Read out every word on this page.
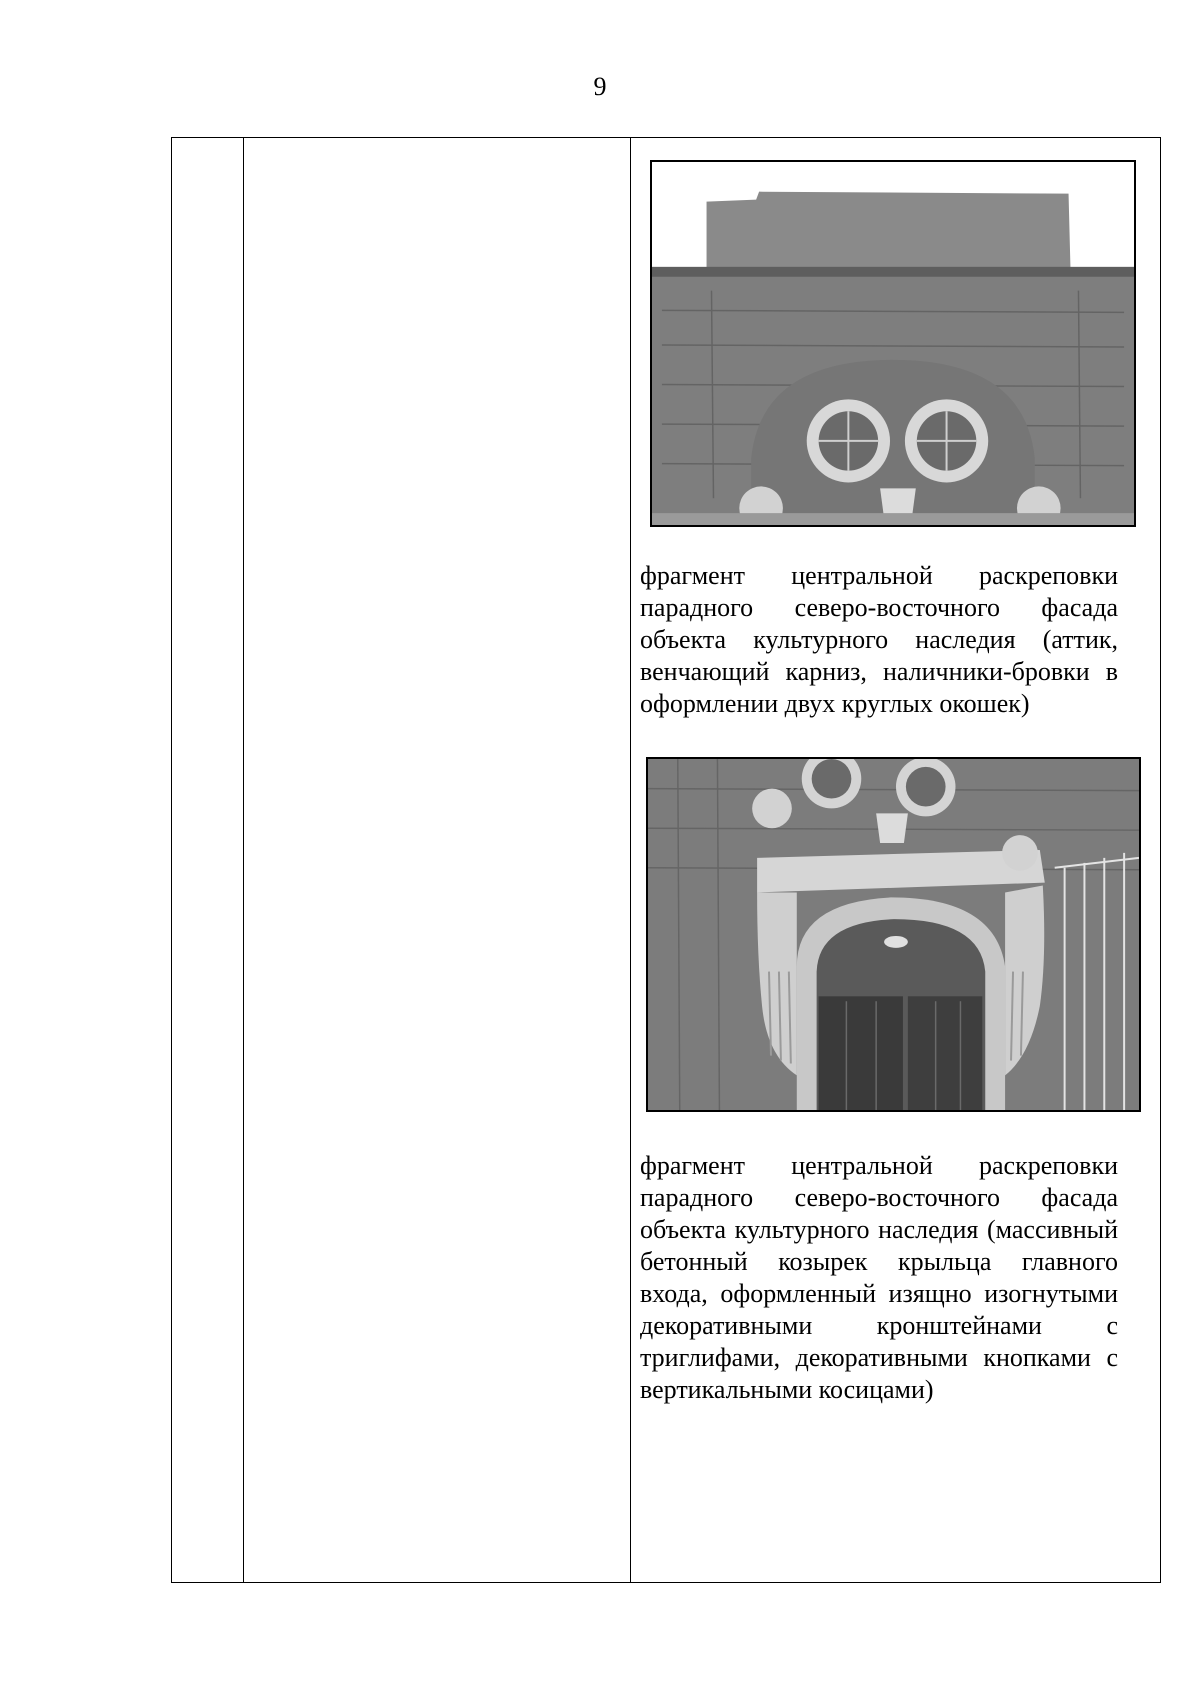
9
фрагмент центральной раскреповки парадного северо-восточного фасада объекта культурного наследия (аттик, венчающий карниз, наличники-бровки в оформлении двух круглых окошек)
фрагмент центральной раскреповки парадного северо-восточного фасада объекта культурного наследия (массивный бетонный козырек крыльца главного входа, оформленный изящно изогнутыми декоративными кронштейнами с триглифами, декоративными кнопками с вертикальными косицами)
